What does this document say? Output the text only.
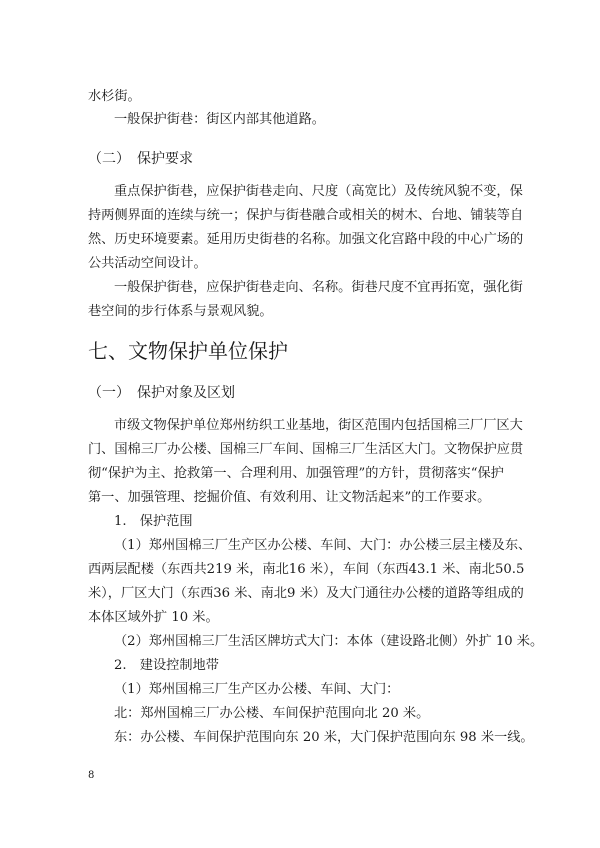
水杉街。
一般保护街巷：街区内部其他道路。
（二）　保护要求
重点保护街巷，应保护街巷走向、尺度（高宽比）及传统风貌不变，保
持两侧界面的连续与统一；保护与街巷融合或相关的树木、台地、铺装等自
然、历史环境要素。延用历史街巷的名称。加强文化宫路中段的中心广场的
公共活动空间设计。
一般保护街巷，应保护街巷走向、名称。街巷尺度不宜再拓宽，强化街
巷空间的步行体系与景观风貌。
七、文物保护单位保护
（一）　保护对象及区划
市级文物保护单位郑州纺织工业基地，街区范围内包括国棉三厂厂区大
门、国棉三厂办公楼、国棉三厂车间、国棉三厂生活区大门。文物保护应贯
彻“保护为主、抢救第一、合理利用、加强管理”的方针，贯彻落实“保护
第一、加强管理、挖掘价值、有效利用、让文物活起来”的工作要求。
1.　保护范围
（1）郑州国棉三厂生产区办公楼、车间、大门：办公楼三层主楼及东、
西两层配楼（东西共219 米，南北16 米），车间（东西43.1 米、南北50.5
米），厂区大门（东西36 米、南北9 米）及大门通往办公楼的道路等组成的
本体区域外扩 10 米。
（2）郑州国棉三厂生活区牌坊式大门：本体（建设路北侧）外扩 10 米。
2.　建设控制地带
（1）郑州国棉三厂生产区办公楼、车间、大门：
北：郑州国棉三厂办公楼、车间保护范围向北 20 米。
东：办公楼、车间保护范围向东 20 米，大门保护范围向东 98 米一线。
8
